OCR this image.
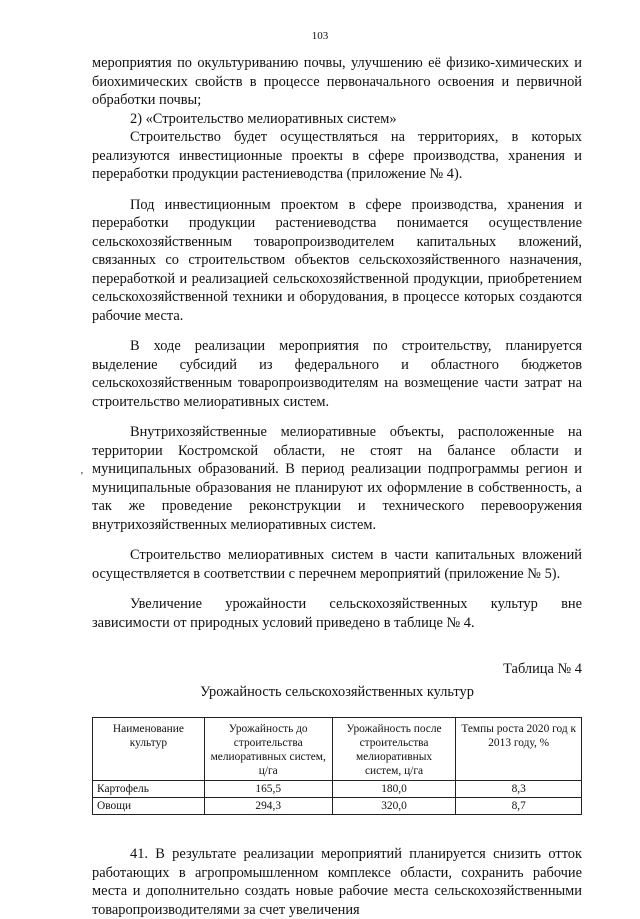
103
‚

мероприятия по окультуриванию почвы, улучшению её физико-химических и биохимических свойств в процессе первоначального освоения и первичной обработки почвы;

2) «Строительство мелиоративных систем»

Строительство будет осуществляться на территориях, в которых реализуются инвестиционные проекты в сфере производства, хранения и переработки продукции растениеводства (приложение № 4).

Под инвестиционным проектом в сфере производства, хранения и переработки продукции растениеводства понимается осуществление сельскохозяйственным товаропроизводителем капитальных вложений, связанных со строительством объектов сельскохозяйственного назначения, переработкой и реализацией сельскохозяйственной продукции, приобретением сельскохозяйственной техники и оборудования, в процессе которых создаются рабочие места.

В ходе реализации мероприятия по строительству, планируется выделение субсидий из федерального и областного бюджетов сельскохозяйственным товаропроизводителям на возмещение части затрат на строительство мелиоративных систем.

Внутрихозяйственные мелиоративные объекты, расположенные на территории Костромской области, не стоят на балансе области и муниципальных образований. В период реализации подпрограммы регион и муниципальные образования не планируют их оформление в собственность, а так же проведение реконструкции и технического перевооружения внутрихозяйственных мелиоративных систем.

Строительство мелиоративных систем в части капитальных вложений осуществляется в соответствии с перечнем мероприятий (приложение № 5).

Увеличение урожайности сельскохозяйственных культур вне зависимости от природных условий приведено в таблице № 4.

Таблица № 4
Урожайность сельскохозяйственных культур
Наименование культур	Урожайность до строительства мелиоративных систем, ц/га	Урожайность после строительства мелиоративных систем, ц/га	Темпы роста 2020 год к 2013 году, %
Картофель	165,5	180,0	8,3
Овощи	294,3	320,0	8,7

41. В результате реализации мероприятий планируется снизить отток работающих в агропромышленном комплексе области, сохранить рабочие места и дополнительно создать новые рабочие места сельскохозяйственными товаропроизводителями за счет увеличения
